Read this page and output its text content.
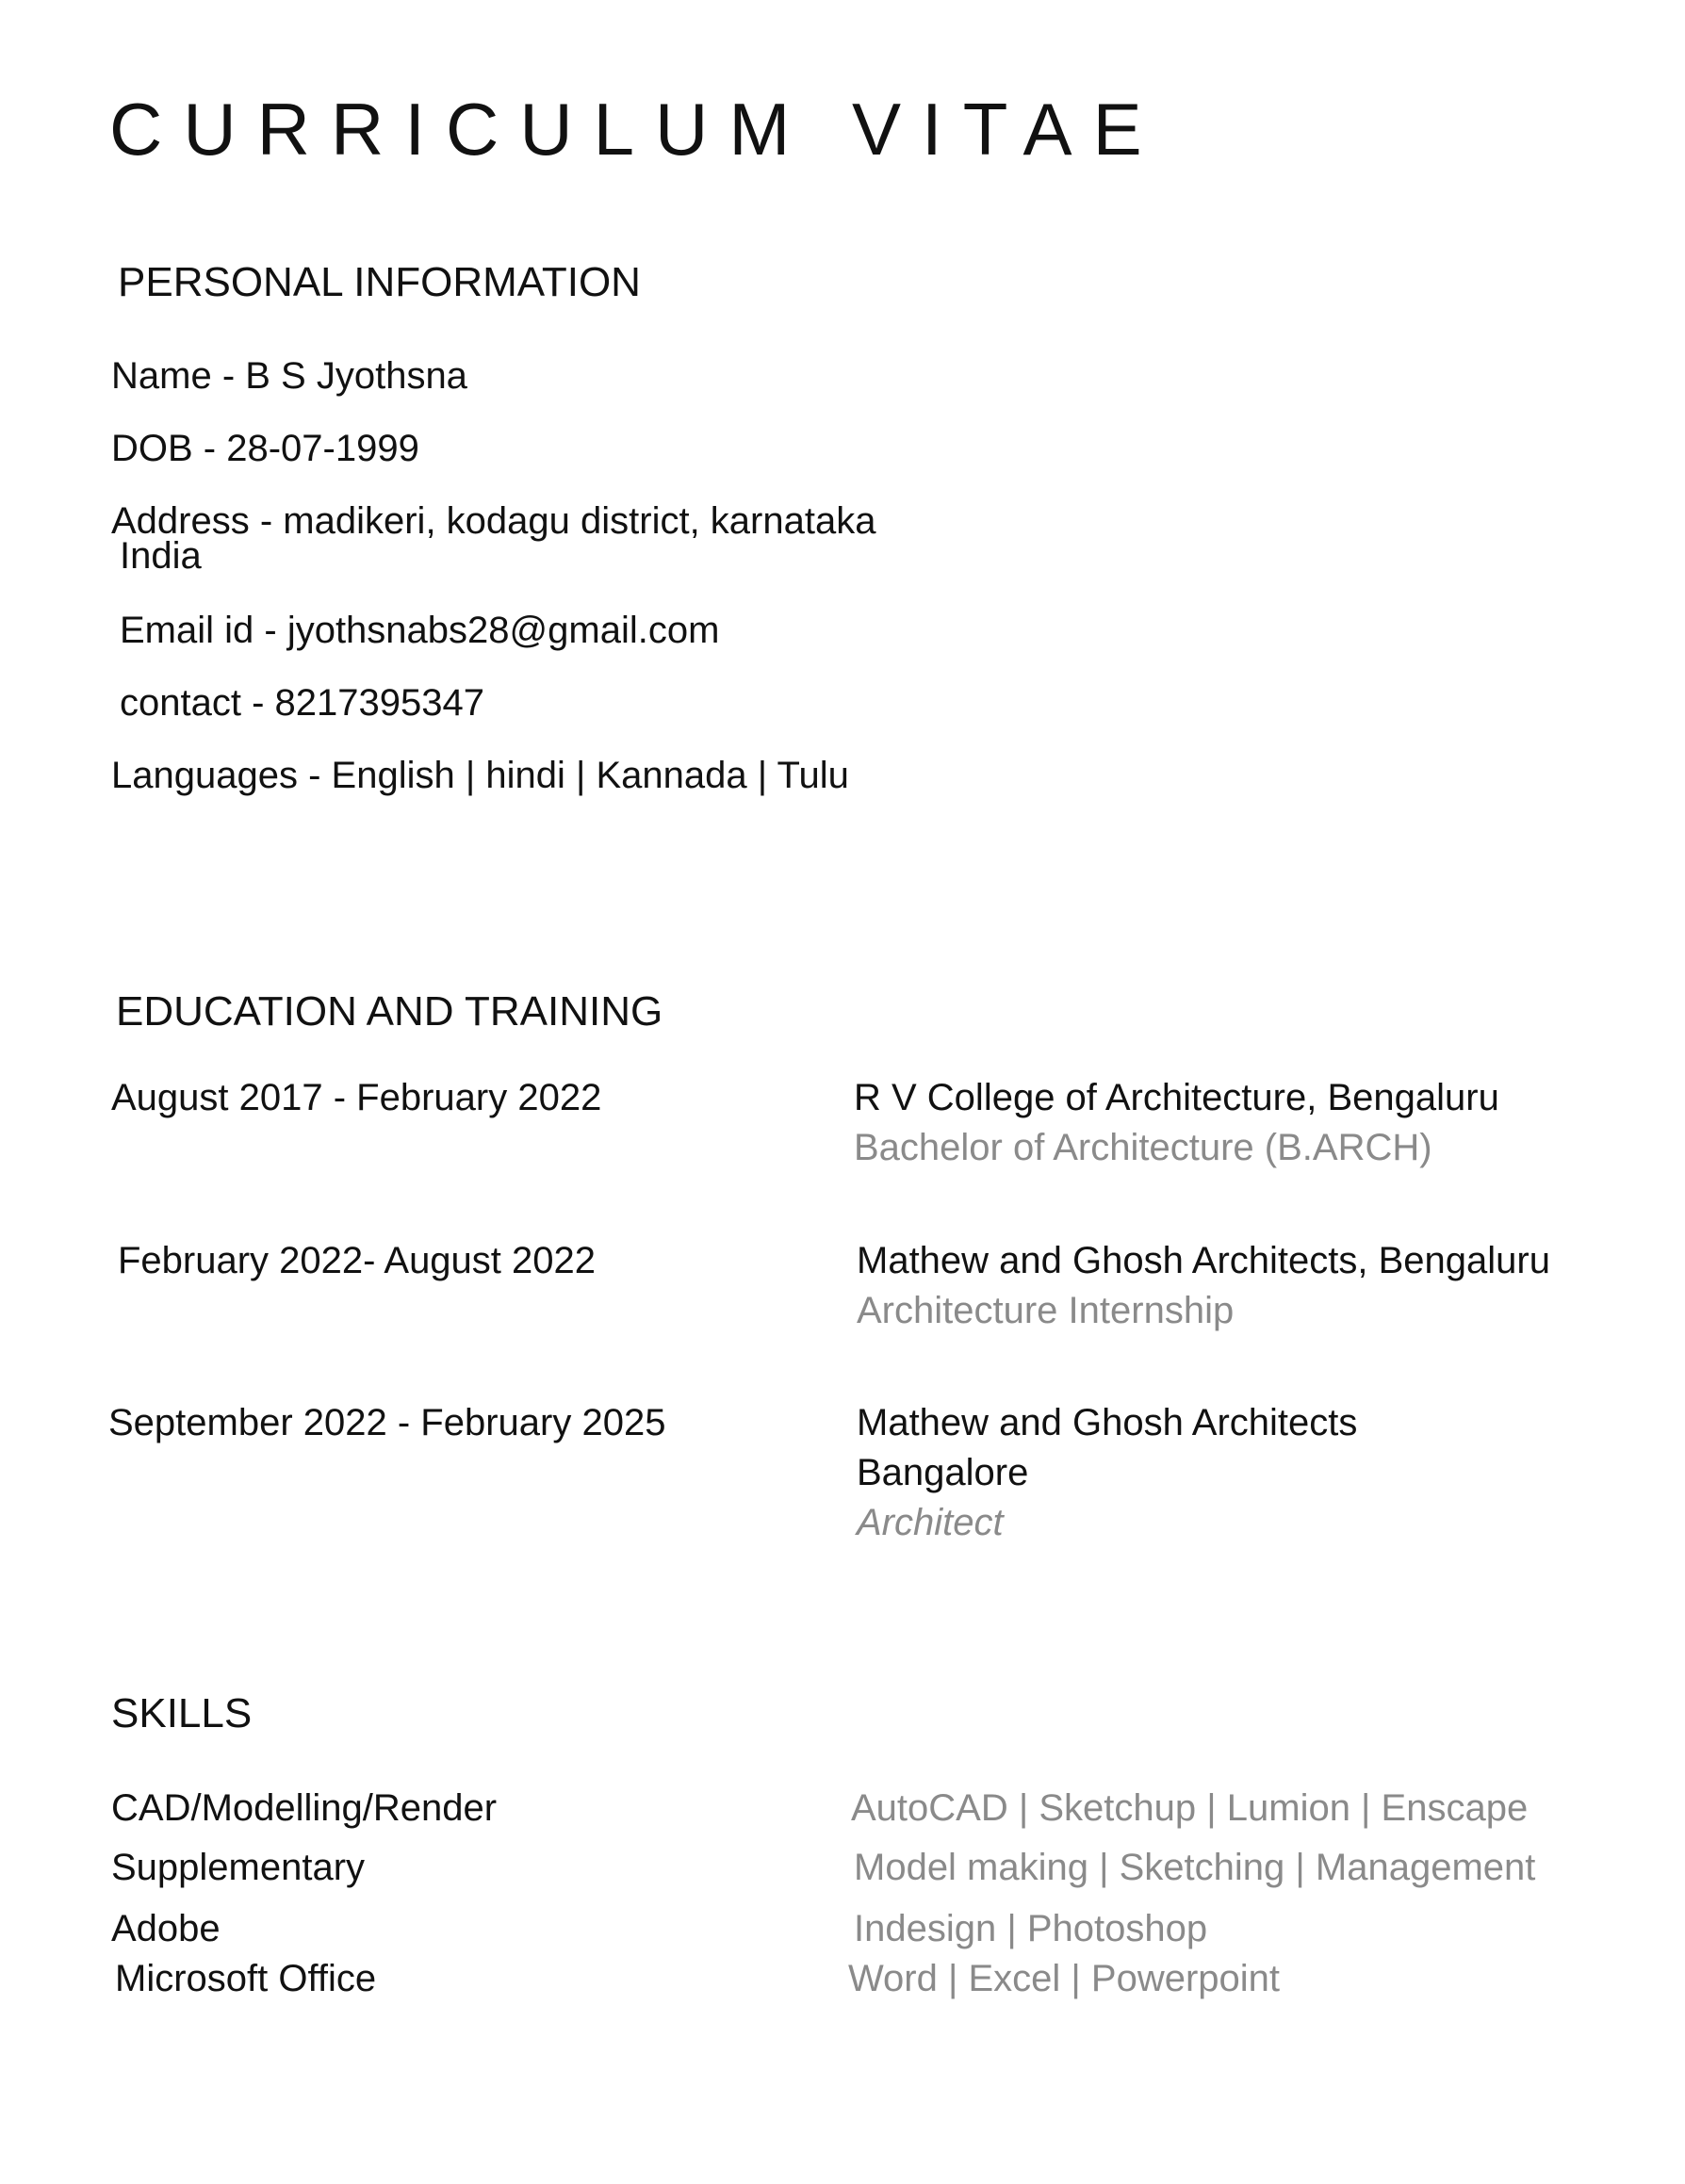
CURRICULUM VITAE
PERSONAL INFORMATION
Name - B S Jyothsna
DOB - 28-07-1999
Address - madikeri, kodagu district, karnataka
India
Email id - jyothsnabs28@gmail.com
contact - 8217395347
Languages - English | hindi | Kannada | Tulu
EDUCATION AND TRAINING
August 2017 - February 2022	R V College of Architecture, Bengaluru
Bachelor of Architecture (B.ARCH)
February 2022- August 2022	Mathew and Ghosh Architects, Bengaluru
Architecture Internship
September 2022 - February 2025	Mathew and Ghosh Architects
Bangalore
Architect
SKILLS
CAD/Modelling/Render	AutoCAD | Sketchup | Lumion | Enscape
Supplementary	Model making | Sketching | Management
Adobe	Indesign | Photoshop
Microsoft Office	Word | Excel | Powerpoint
